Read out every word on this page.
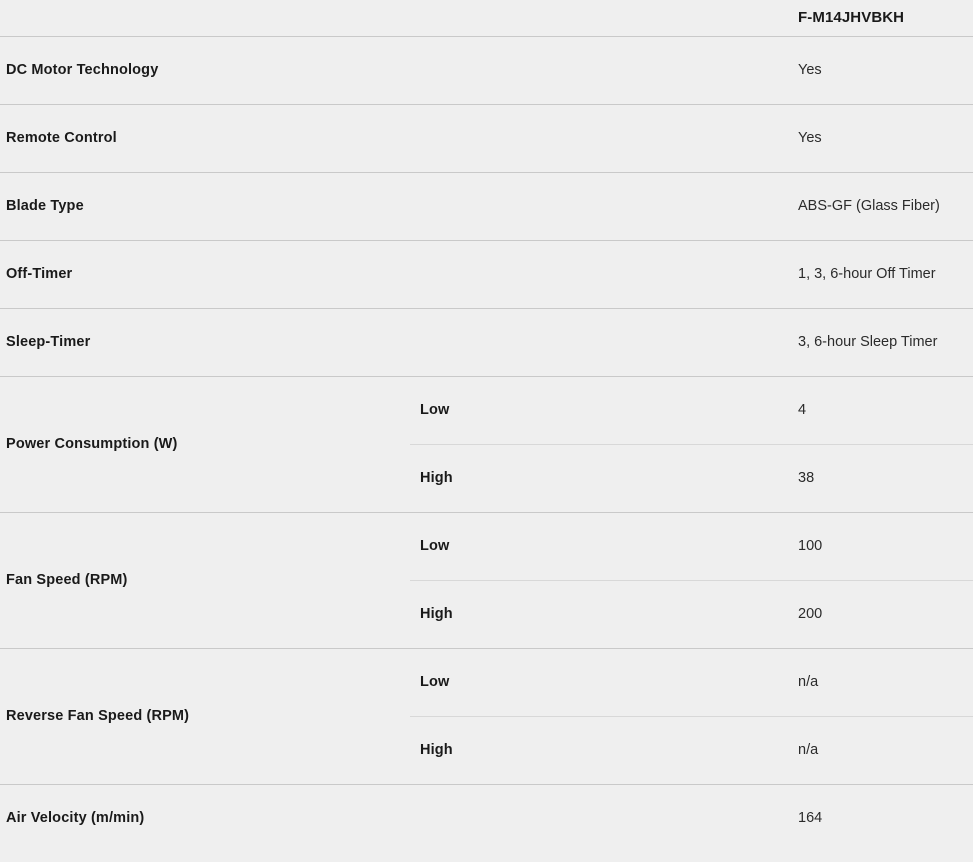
		F-M14JHVBKH
DC Motor Technology		Yes
Remote Control		Yes
Blade Type		ABS-GF (Glass Fiber)
Off-Timer		1, 3, 6-hour Off Timer
Sleep-Timer		3, 6-hour Sleep Timer
Power Consumption (W)	Low	4
	High	38
Fan Speed (RPM)	Low	100
	High	200
Reverse Fan Speed (RPM)	Low	n/a
	High	n/a
Air Velocity (m/min)		164
